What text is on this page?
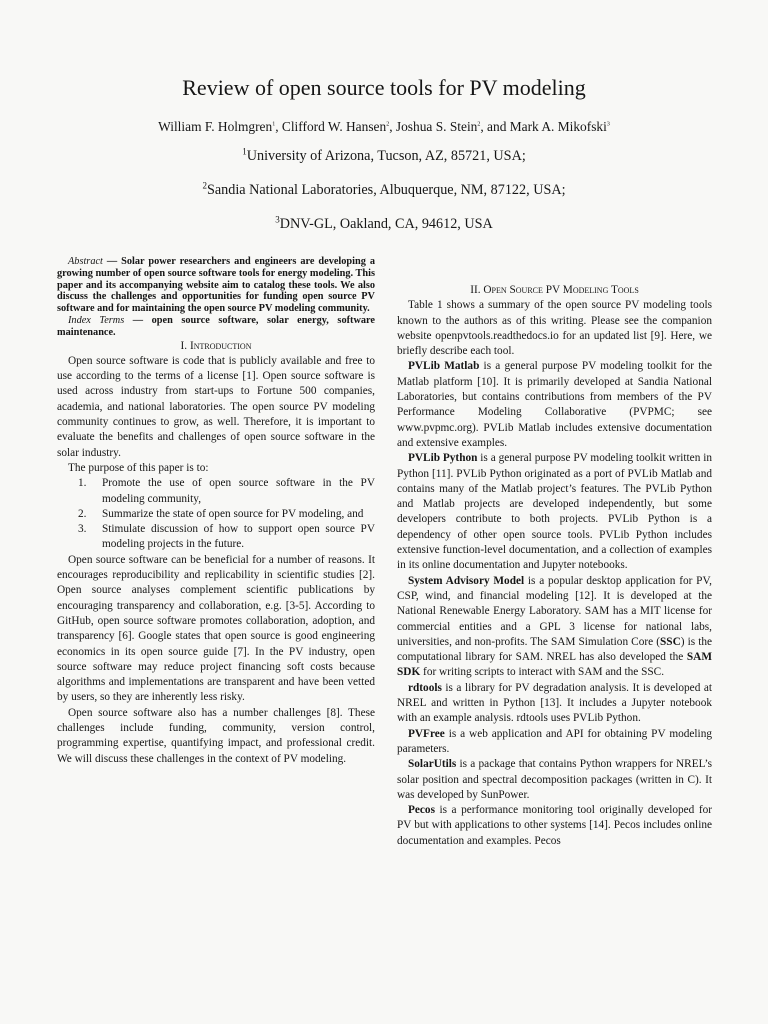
Review of open source tools for PV modeling
William F. Holmgren$^1$, Clifford W. Hansen$^2$, Joshua S. Stein$^2$, and Mark A. Mikofski$^3$
$^1$University of Arizona, Tucson, AZ, 85721, USA;
$^2$Sandia National Laboratories, Albuquerque, NM, 87122, USA;
$^3$DNV-GL, Oakland, CA, 94612, USA

Abstract — Solar power researchers and engineers are developing a growing number of open source software tools for energy modeling. This paper and its accompanying website aim to catalog these tools. We also discuss the challenges and opportunities for funding open source PV software and for maintaining the open source PV modeling community.

Index Terms — open source software, solar energy, software maintenance.

I. Introduction

Open source software is code that is publicly available and free to use according to the terms of a license [1]. Open source software is used across industry from start-ups to Fortune 500 companies, academia, and national laboratories. The open source PV modeling community continues to grow, as well. Therefore, it is important to evaluate the benefits and challenges of open source software in the solar industry.

The purpose of this paper is to:

1. Promote the use of open source software in the PV modeling community,
2. Summarize the state of open source for PV modeling, and
3. Stimulate discussion of how to support open source PV modeling projects in the future.

Open source software can be beneficial for a number of reasons. It encourages reproducibility and replicability in scientific studies [2]. Open source analyses complement scientific publications by encouraging transparency and collaboration, e.g. [3-5]. According to GitHub, open source software promotes collaboration, adoption, and transparency [6]. Google states that open source is good engineering economics in its open source guide [7]. In the PV industry, open source software may reduce project financing soft costs because algorithms and implementations are transparent and have been vetted by users, so they are inherently less risky.

Open source software also has a number challenges [8]. These challenges include funding, community, version control, programming expertise, quantifying impact, and professional credit. We will discuss these challenges in the context of PV modeling.

II. Open Source PV Modeling Tools

Table 1 shows a summary of the open source PV modeling tools known to the authors as of this writing. Please see the companion website openpvtools.readthedocs.io for an updated list [9]. Here, we briefly describe each tool.

PVLib Matlab is a general purpose PV modeling toolkit for the Matlab platform [10]. It is primarily developed at Sandia National Laboratories, but contains contributions from members of the PV Performance Modeling Collaborative (PVPMC; see www.pvpmc.org). PVLib Matlab includes extensive documentation and extensive examples.

PVLib Python is a general purpose PV modeling toolkit written in Python [11]. PVLib Python originated as a port of PVLib Matlab and contains many of the Matlab project’s features. The PVLib Python and Matlab projects are developed independently, but some developers contribute to both projects. PVLib Python is a dependency of other open source tools. PVLib Python includes extensive function-level documentation, and a collection of examples in its online documentation and Jupyter notebooks.

System Advisory Model is a popular desktop application for PV, CSP, wind, and financial modeling [12]. It is developed at the National Renewable Energy Laboratory. SAM has a MIT license for commercial entities and a GPL 3 license for national labs, universities, and non-profits. The SAM Simulation Core (SSC) is the computational library for SAM. NREL has also developed the SAM SDK for writing scripts to interact with SAM and the SSC.

rdtools is a library for PV degradation analysis. It is developed at NREL and written in Python [13]. It includes a Jupyter notebook with an example analysis. rdtools uses PVLib Python.

PVFree is a web application and API for obtaining PV modeling parameters.

SolarUtils is a package that contains Python wrappers for NREL’s solar position and spectral decomposition packages (written in C). It was developed by SunPower.

Pecos is a performance monitoring tool originally developed for PV but with applications to other systems [14]. Pecos includes online documentation and examples. Pecos
